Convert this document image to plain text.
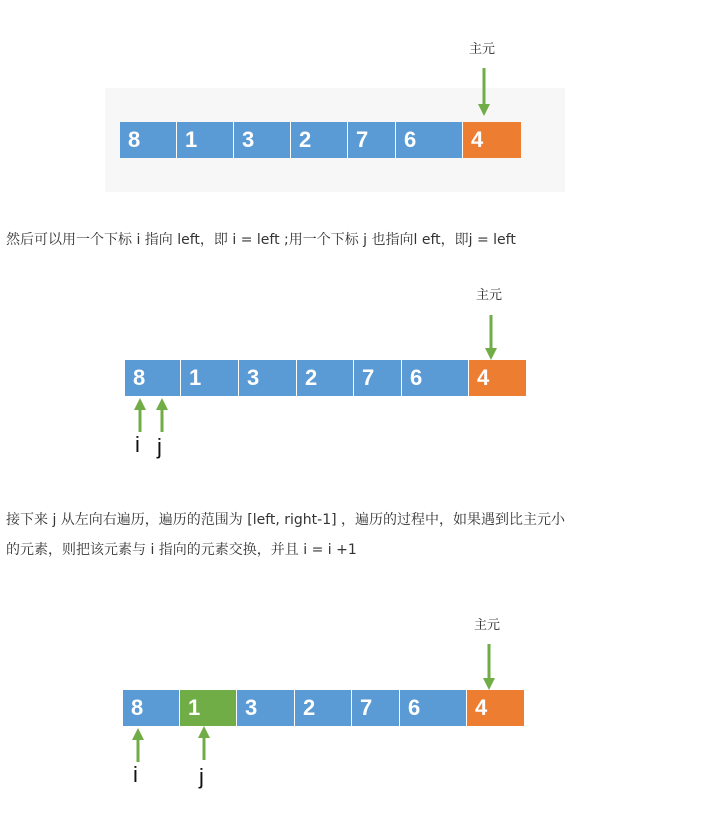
主元
8	1	3	2	7	6	4

然后可以用一个下标 i 指向 left，即 i = left ;用一个下标 j 也指向l eft，即j = left

主元
8	1	3	2	7	6	4
i j

接下来 j 从左向右遍历，遍历的范围为 [left, right-1] ，遍历的过程中，如果遇到比主元小

的元素，则把该元素与 i 指向的元素交换，并且 i = i +1

主元
8	1	3	2	7	6	4
i	j
